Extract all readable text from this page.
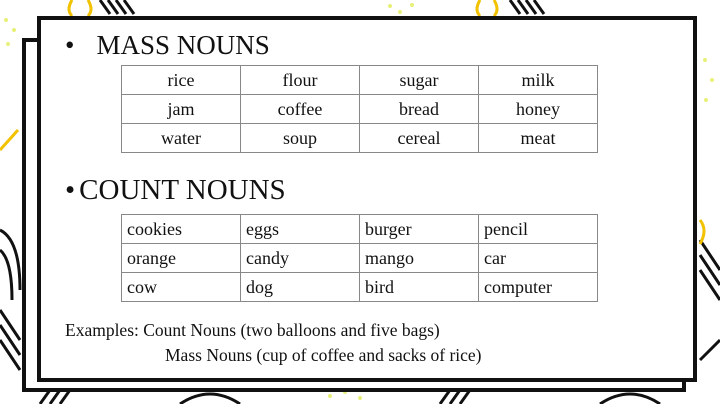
• MASS NOUNS
rice	flour	sugar	milk
jam	coffee	bread	honey
water	soup	cereal	meat
• COUNT NOUNS
cookies	eggs	burger	pencil
orange	candy	mango	car
cow	dog	bird	computer
Examples: Count Nouns (two balloons and five bags)
Mass Nouns (cup of coffee and sacks of rice)
